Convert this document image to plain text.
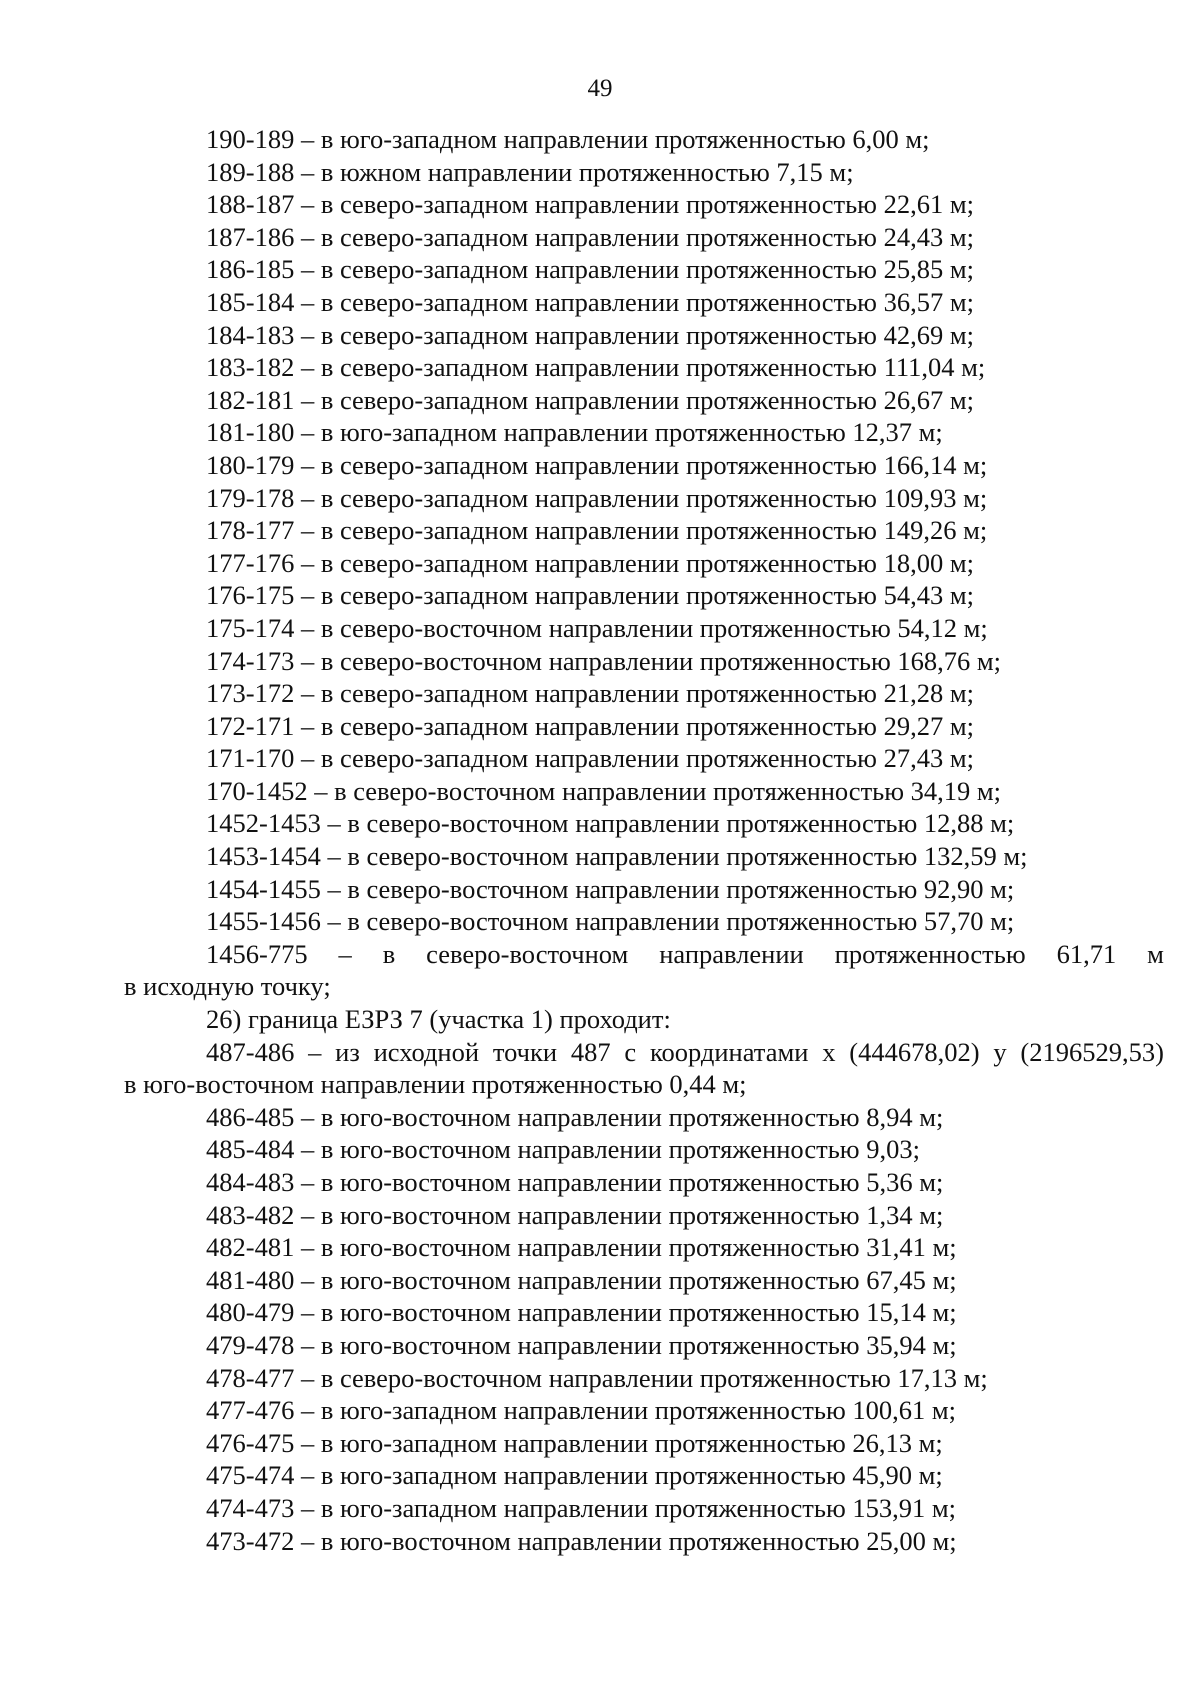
49
190-189 – в юго-западном направлении протяженностью 6,00 м;
189-188 – в южном направлении протяженностью 7,15 м;
188-187 – в северо-западном направлении протяженностью 22,61 м;
187-186 – в северо-западном направлении протяженностью 24,43 м;
186-185 – в северо-западном направлении протяженностью 25,85 м;
185-184 – в северо-западном направлении протяженностью 36,57 м;
184-183 – в северо-западном направлении протяженностью 42,69 м;
183-182 – в северо-западном направлении протяженностью 111,04 м;
182-181 – в северо-западном направлении протяженностью 26,67 м;
181-180 – в юго-западном направлении протяженностью 12,37 м;
180-179 – в северо-западном направлении протяженностью 166,14 м;
179-178 – в северо-западном направлении протяженностью 109,93 м;
178-177 – в северо-западном направлении протяженностью 149,26 м;
177-176 – в северо-западном направлении протяженностью 18,00 м;
176-175 – в северо-западном направлении протяженностью 54,43 м;
175-174 – в северо-восточном направлении протяженностью 54,12 м;
174-173 – в северо-восточном направлении протяженностью 168,76 м;
173-172 – в северо-западном направлении протяженностью 21,28 м;
172-171 – в северо-западном направлении протяженностью 29,27 м;
171-170 – в северо-западном направлении протяженностью 27,43 м;
170-1452 – в северо-восточном направлении протяженностью 34,19 м;
1452-1453 – в северо-восточном направлении протяженностью 12,88 м;
1453-1454 – в северо-восточном направлении протяженностью 132,59 м;
1454-1455 – в северо-восточном направлении протяженностью 92,90 м;
1455-1456 – в северо-восточном направлении протяженностью 57,70 м;
1456-775 – в северо-восточном направлении протяженностью 61,71 м
в исходную точку;
26) граница ЕЗРЗ 7 (участка 1) проходит:
487-486 – из исходной точки 487 с координатами х (444678,02) у (2196529,53)
в юго-восточном направлении протяженностью 0,44 м;
486-485 – в юго-восточном направлении протяженностью 8,94 м;
485-484 – в юго-восточном направлении протяженностью 9,03;
484-483 – в юго-восточном направлении протяженностью 5,36 м;
483-482 – в юго-восточном направлении протяженностью 1,34 м;
482-481 – в юго-восточном направлении протяженностью 31,41 м;
481-480 – в юго-восточном направлении протяженностью 67,45 м;
480-479 – в юго-восточном направлении протяженностью 15,14 м;
479-478 – в юго-восточном направлении протяженностью 35,94 м;
478-477 – в северо-восточном направлении протяженностью 17,13 м;
477-476 – в юго-западном направлении протяженностью 100,61 м;
476-475 – в юго-западном направлении протяженностью 26,13 м;
475-474 – в юго-западном направлении протяженностью 45,90 м;
474-473 – в юго-западном направлении протяженностью 153,91 м;
473-472 – в юго-восточном направлении протяженностью 25,00 м;
